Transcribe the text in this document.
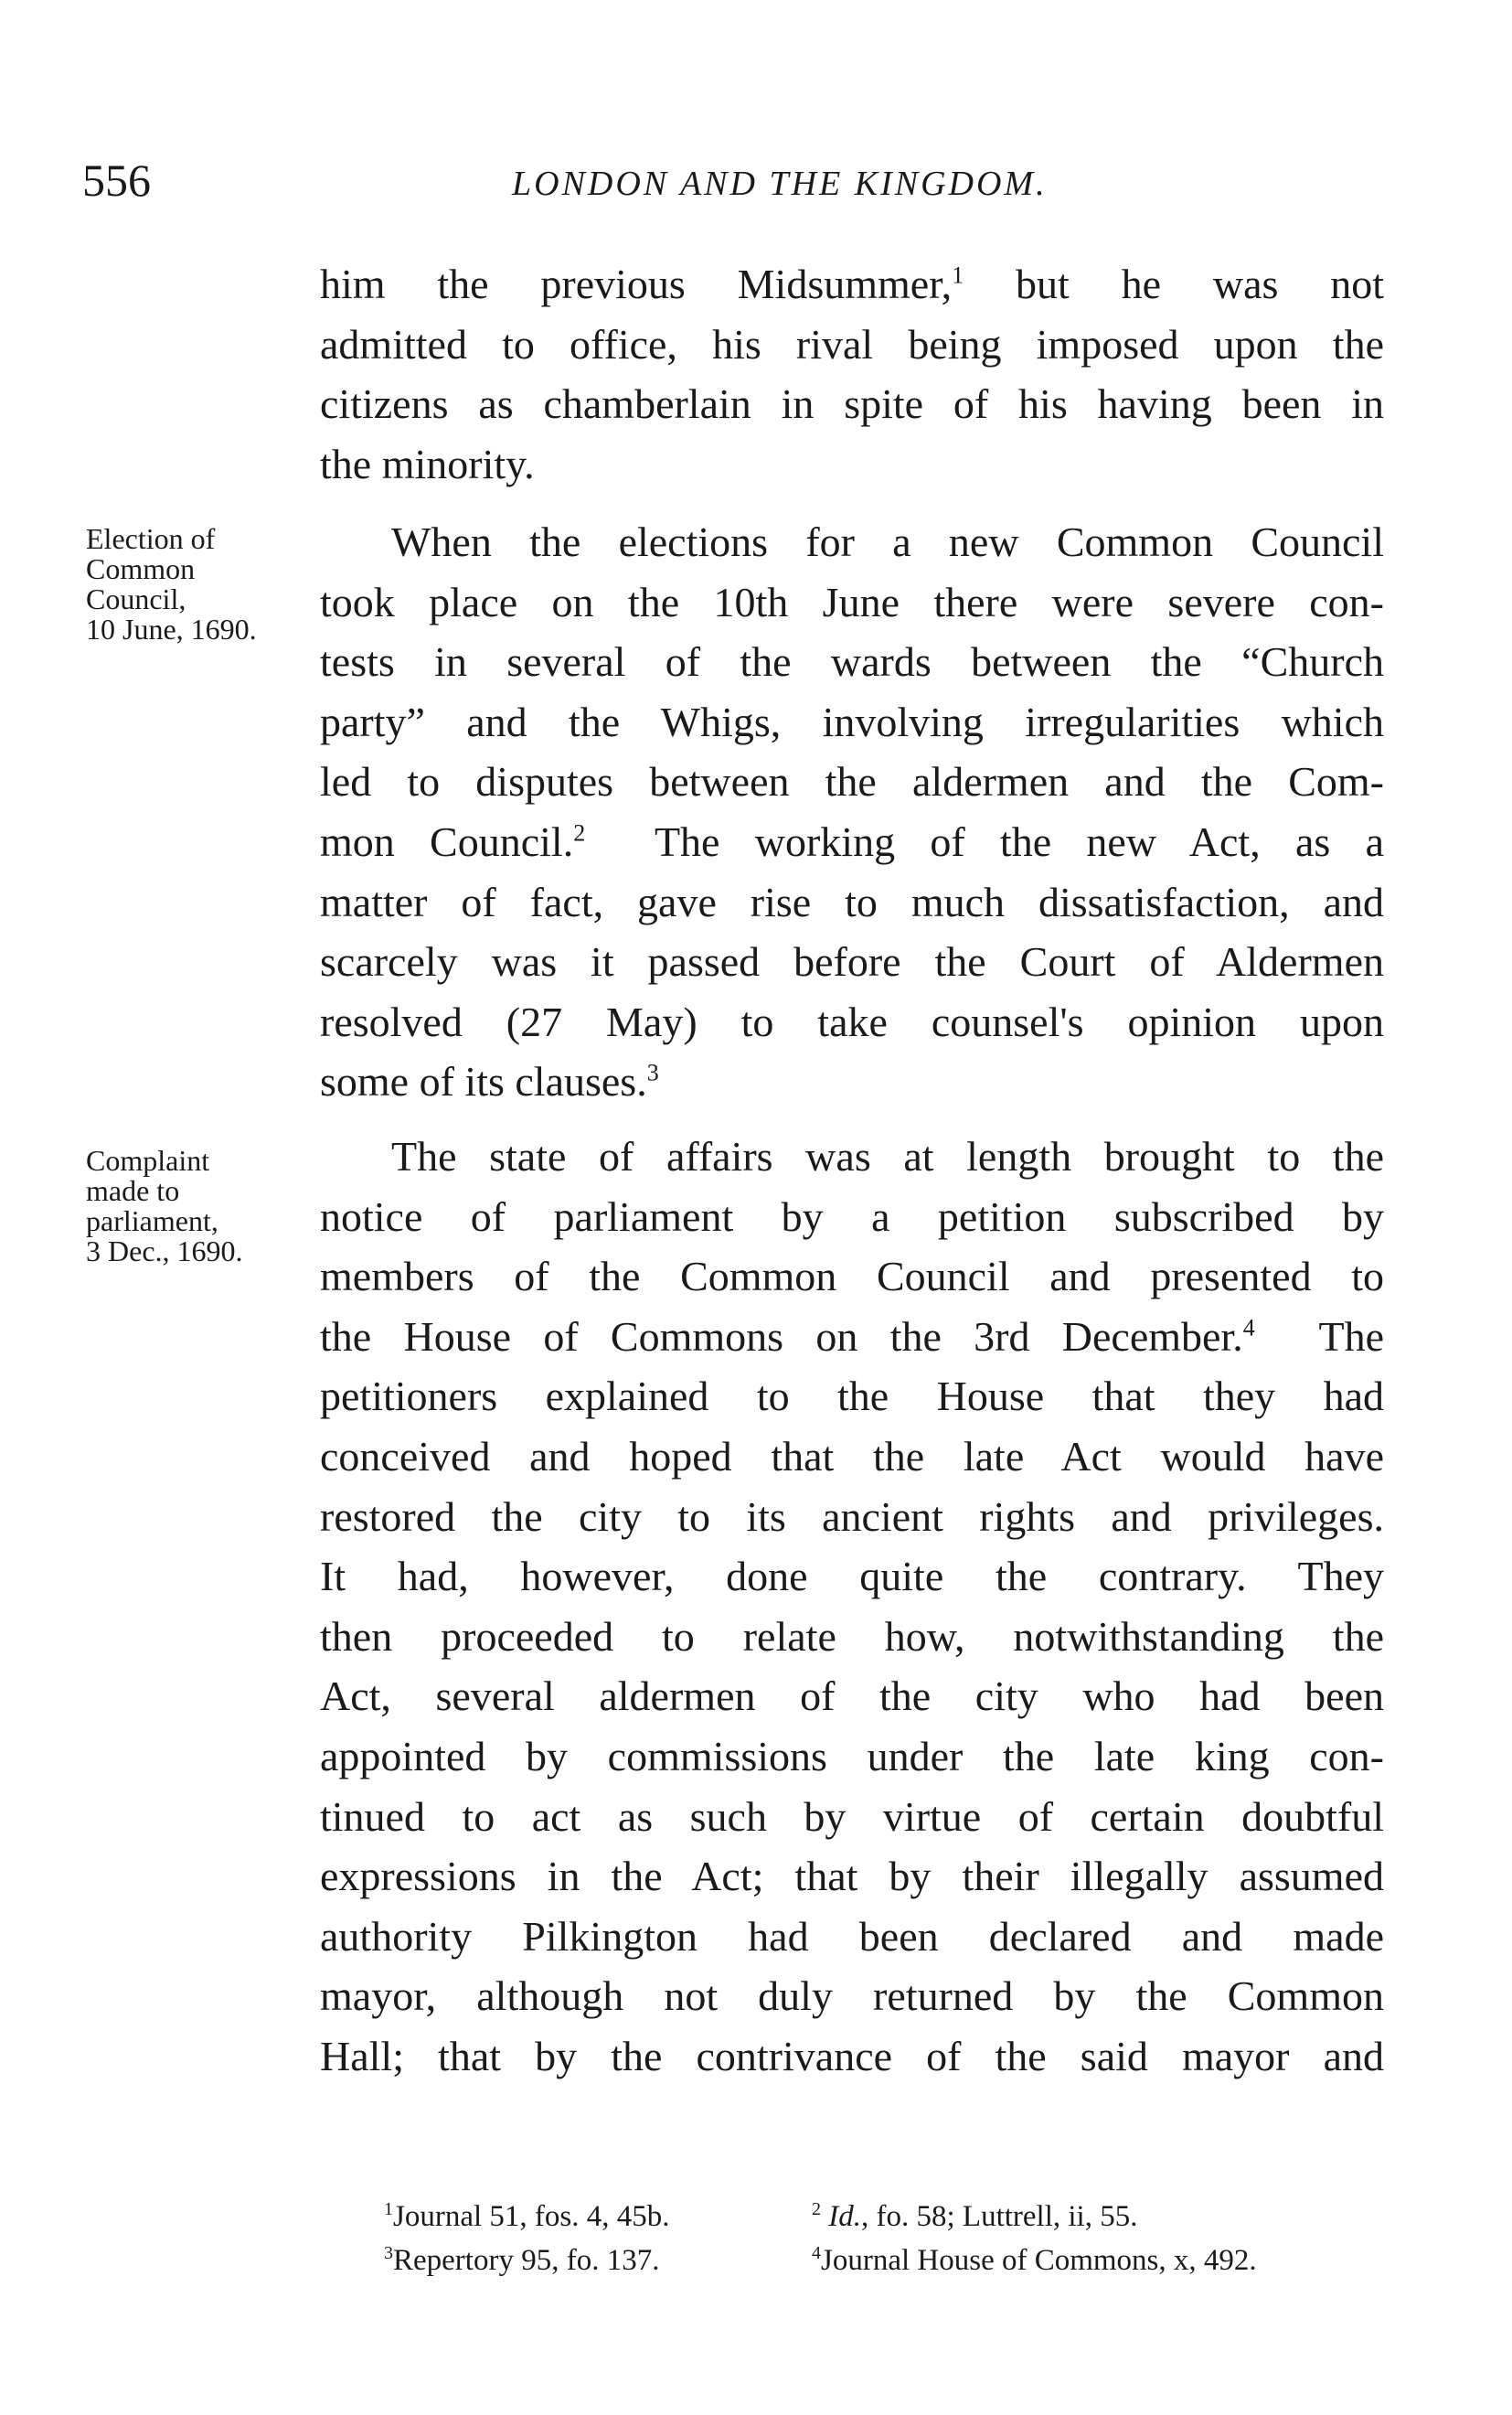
556	LONDON AND THE KINGDOM.
Election of
Common
Council,
10 June, 1690.
Complaint
made to
parliament,
3 Dec., 1690.
him the previous Midsummer,$^1$ but he was not
admitted to office, his rival being imposed upon the
citizens as chamberlain in spite of his having been in
the minority.
When the elections for a new Common Council
took place on the 10th June there were severe con-
tests in several of the wards between the “Church
party” and the Whigs, involving irregularities which
led to disputes between the aldermen and the Com-
mon Council.$^2$ The working of the new Act, as a
matter of fact, gave rise to much dissatisfaction, and
scarcely was it passed before the Court of Aldermen
resolved (27 May) to take counsel's opinion upon
some of its clauses.$^3$
The state of affairs was at length brought to the
notice of parliament by a petition subscribed by
members of the Common Council and presented to
the House of Commons on the 3rd December.$^4$ The
petitioners explained to the House that they had
conceived and hoped that the late Act would have
restored the city to its ancient rights and privileges.
It had, however, done quite the contrary. They
then proceeded to relate how, notwithstanding the
Act, several aldermen of the city who had been
appointed by commissions under the late king con-
tinued to act as such by virtue of certain doubtful
expressions in the Act; that by their illegally assumed
authority Pilkington had been declared and made
mayor, although not duly returned by the Common
Hall; that by the contrivance of the said mayor and
$^1$Journal 51, fos. 4, 45b.	$^2$ Id., fo. 58; Luttrell, ii, 55.
$^3$Repertory 95, fo. 137.	$^4$Journal House of Commons, x, 492.
